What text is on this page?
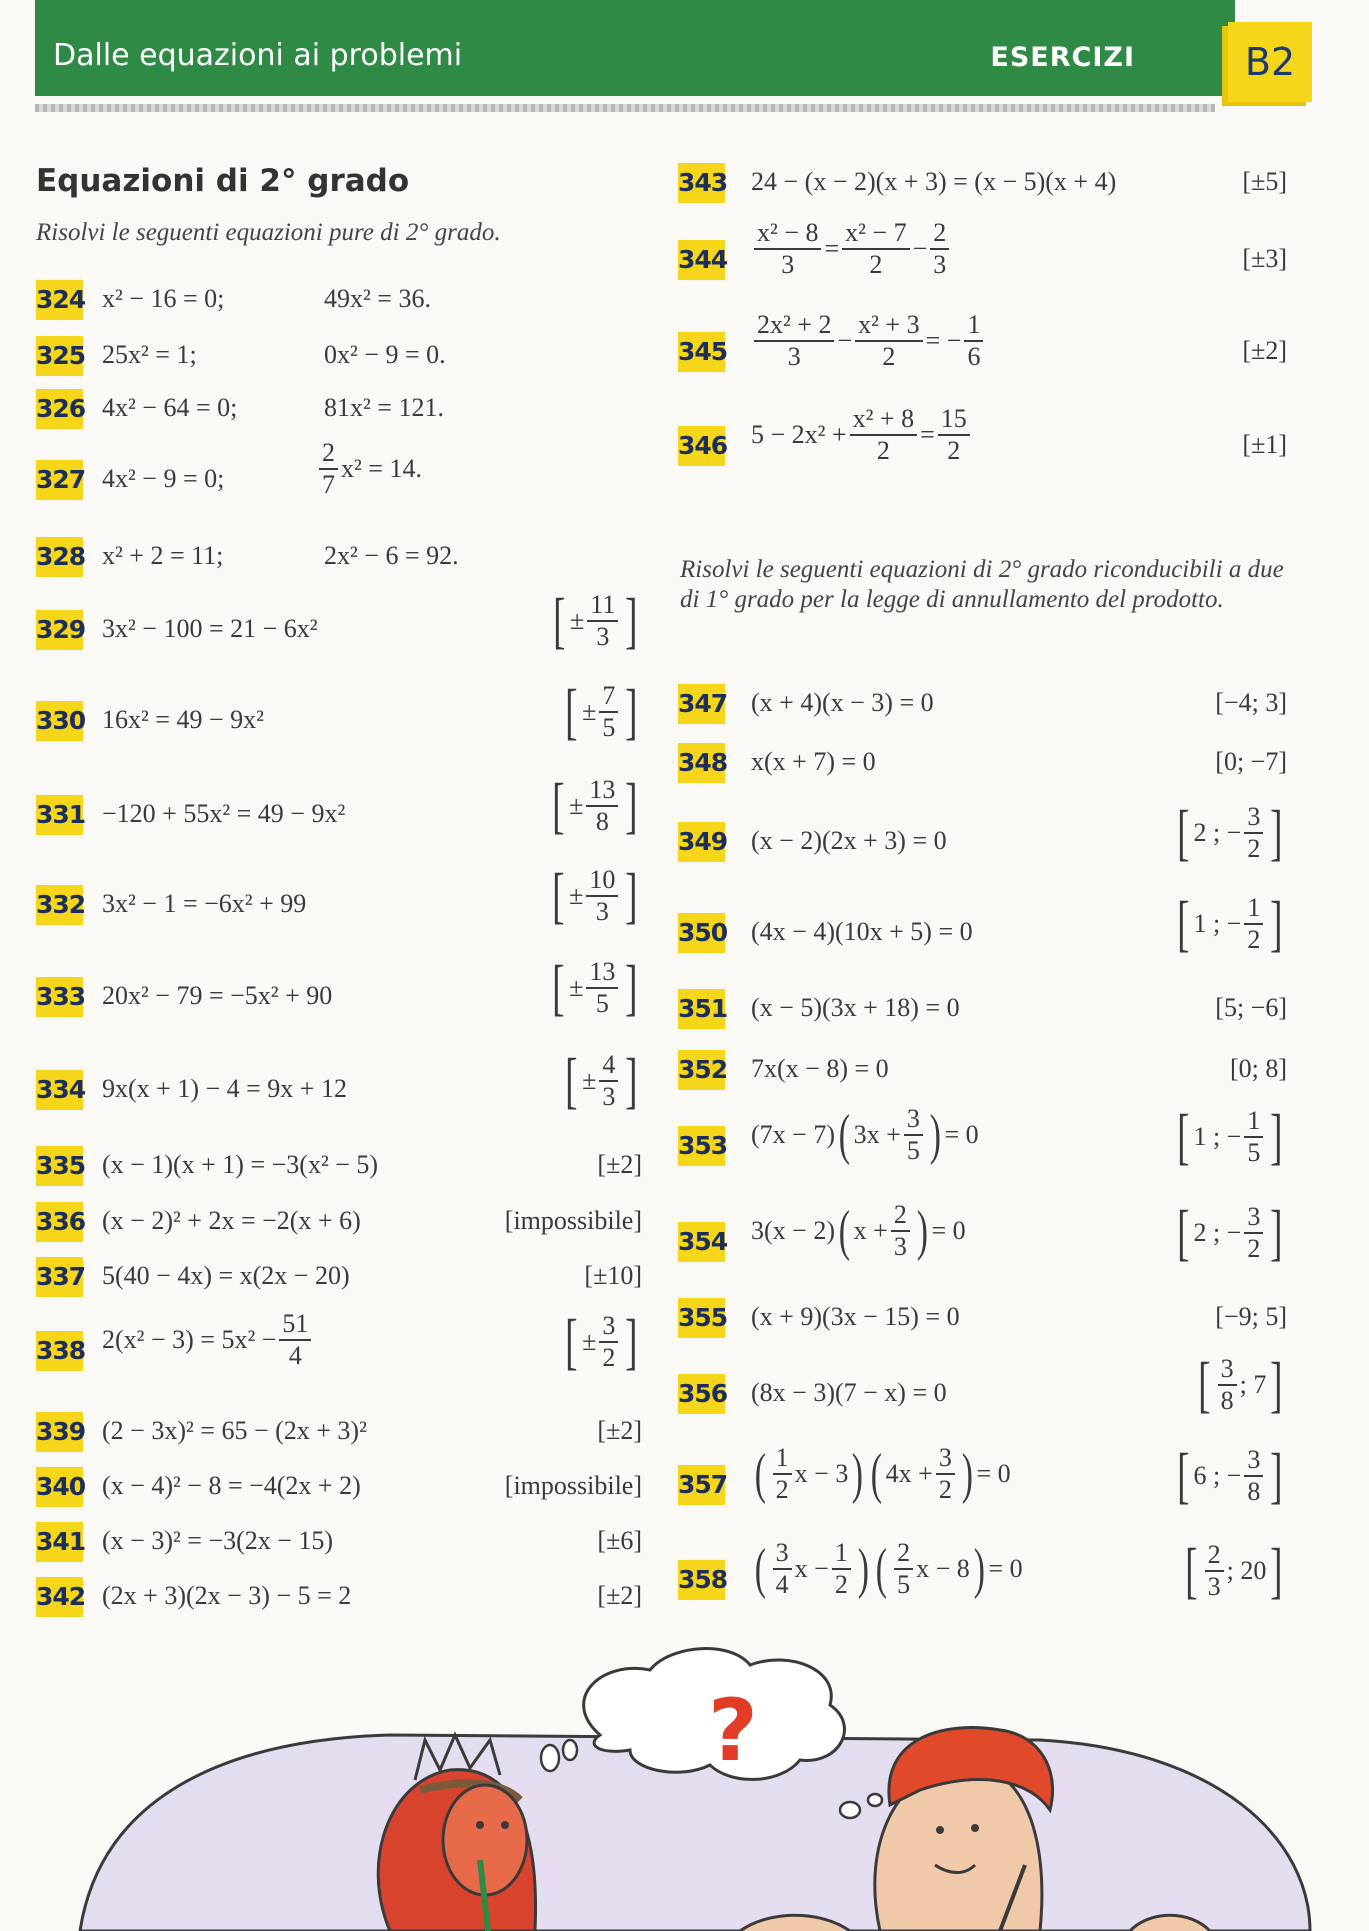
Dalle equazioni ai problemi	ESERCIZI	B2
Equazioni di 2° grado
Risolvi le seguenti equazioni pure di 2° grado.
324 x² − 16 = 0;	49x² = 36.
325 25x² = 1;	0x² − 9 = 0.
326 4x² − 64 = 0;	81x² = 121.
327 4x² − 9 = 0;	$\frac{2}{7} x^2 = 14$.
328 x² + 2 = 11;	2x² − 6 = 92.
329 3x² − 100 = 21 − 6x²	[ ± $\frac{11}{3}$ ]
330 16x² = 49 − 9x²	[ ± $\frac{7}{5}$ ]
331 −120 + 55x² = 49 − 9x²	[ ± $\frac{13}{8}$ ]
332 3x² − 1 = −6x² + 99	[ ± $\frac{10}{3}$ ]
333 20x² − 79 = −5x² + 90	[ ± $\frac{13}{5}$ ]
334 9x(x + 1) − 4 = 9x + 12	[ ± $\frac{4}{3}$ ]
335 (x − 1)(x + 1) = −3(x² − 5)	[±2]
336 (x − 2)² + 2x = −2(x + 6)	[impossibile]
337 5(40 − 4x) = x(2x − 20)	[±10]
338 $2(x^2 - 3) = 5x^2 - \frac{51}{4}$	[ ± $\frac{3}{2}$ ]
339 (2 − 3x)² = 65 − (2x + 3)²	[±2]
340 (x − 4)² − 8 = −4(2x + 2)	[impossibile]
341 (x − 3)² = −3(2x − 15)	[±6]
342 (2x + 3)(2x − 3) − 5 = 2	[±2]
343 24 − (x − 2)(x + 3) = (x − 5)(x + 4)	[±5]
$344 \frac{\text{x² − 8}}{3} = \frac{\text{x² − 7}}{2} - \frac{2}{3}$	[±3]
$345 \frac{\text{2x² + 2}}{3} - \frac{\text{x² + 3}}{2}$ = − $\frac{1}{6}$	[±2]
346 $5 - 2x^2 + \frac{\text{x² + 8}}{2} = \frac{15}{2}$	[±1]
Risolvi le seguenti equazioni di 2° grado riconducibili a due di 1° grado per la legge di annullamento del prodotto.
347 (x + 4)(x − 3) = 0	[−4; 3]
348 x(x + 7) = 0	[0; −7]
349 (x − 2)(2x + 3) = 0	[ 2 ; − $\frac{3}{2}$ ]
350 (4x − 4)(10x + 5) = 0	[ 1 ; − $\frac{1}{2}$ ]
351 (x − 5)(3x + 18) = 0	[5; −6]
352 7x(x − 8) = 0	[0; 8]
353 (7x − 7) ( $3x + \frac{3}{5}$ ) = 0	[ 1 ; − $\frac{1}{5}$ ]
354 3(x − 2) ( $x + \frac{2}{3}$ ) = 0	[ 2 ; − $\frac{3}{2}$ ]
355 (x + 9)(3x − 15) = 0	[−9; 5]
356 (8x − 3)(7 − x) = 0	[ $\frac{3}{8}$ ; 7 ]
357 ( $\frac{1}{2}$ x − 3 ) ( $4x + \frac{3}{2}$ ) = 0	[ 6 ; − $\frac{3}{8}$ ]
358 ( $\frac{3}{4}$ $x - \frac{1}{2}$ ) ( $\frac{2}{5}$ x − 8 ) = 0	[ $\frac{2}{3}$ ; 20 ]
?
